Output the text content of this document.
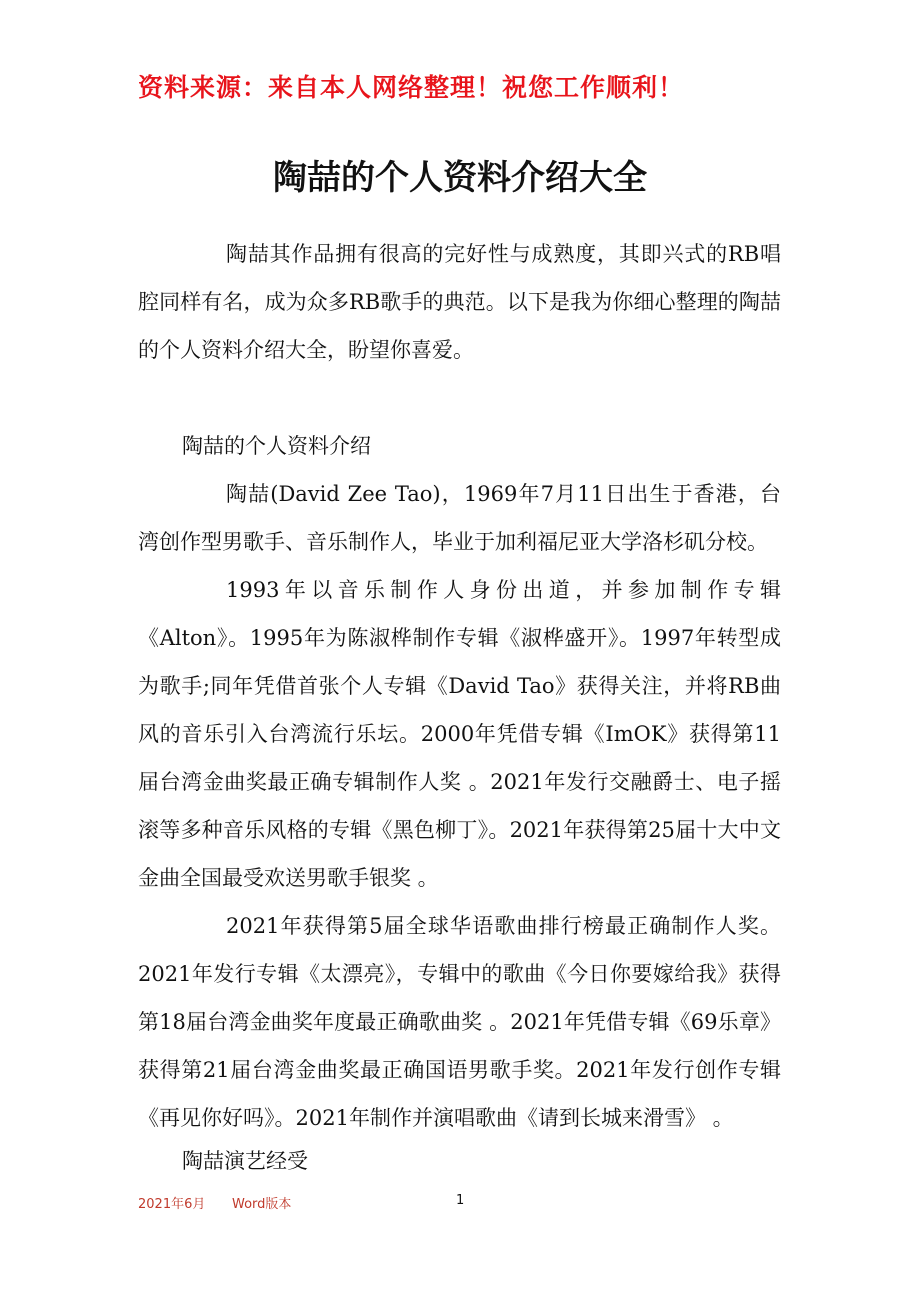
资料来源：来自本人网络整理！祝您工作顺利！
陶喆的个人资料介绍大全

陶喆其作品拥有很高的完好性与成熟度，其即兴式的RB唱腔同样有名，成为众多RB歌手的典范。以下是我为你细心整理的陶喆的个人资料介绍大全，盼望你喜爱。

陶喆的个人资料介绍

陶喆(David Zee Tao)，1969年7月11日出生于香港，台湾创作型男歌手、音乐制作人，毕业于加利福尼亚大学洛杉矶分校。

1993年以音乐制作人身份出道，并参加制作专辑《Alton》。1995年为陈淑桦制作专辑《淑桦盛开》。1997年转型成为歌手;同年凭借首张个人专辑《David Tao》获得关注，并将RB曲风的音乐引入台湾流行乐坛。2000年凭借专辑《ImOK》获得第11届台湾金曲奖最正确专辑制作人奖 。2021年发行交融爵士、电子摇滚等多种音乐风格的专辑《黑色柳丁》。2021年获得第25届十大中文金曲全国最受欢送男歌手银奖 。

2021年获得第5届全球华语歌曲排行榜最正确制作人奖。2021年发行专辑《太漂亮》，专辑中的歌曲《今日你要嫁给我》获得第18届台湾金曲奖年度最正确歌曲奖 。2021年凭借专辑《69乐章》获得第21届台湾金曲奖最正确国语男歌手奖。2021年发行创作专辑《再见你好吗》。2021年制作并演唱歌曲《请到长城来滑雪》 。

陶喆演艺经受

2021年6月 Word版本	1
